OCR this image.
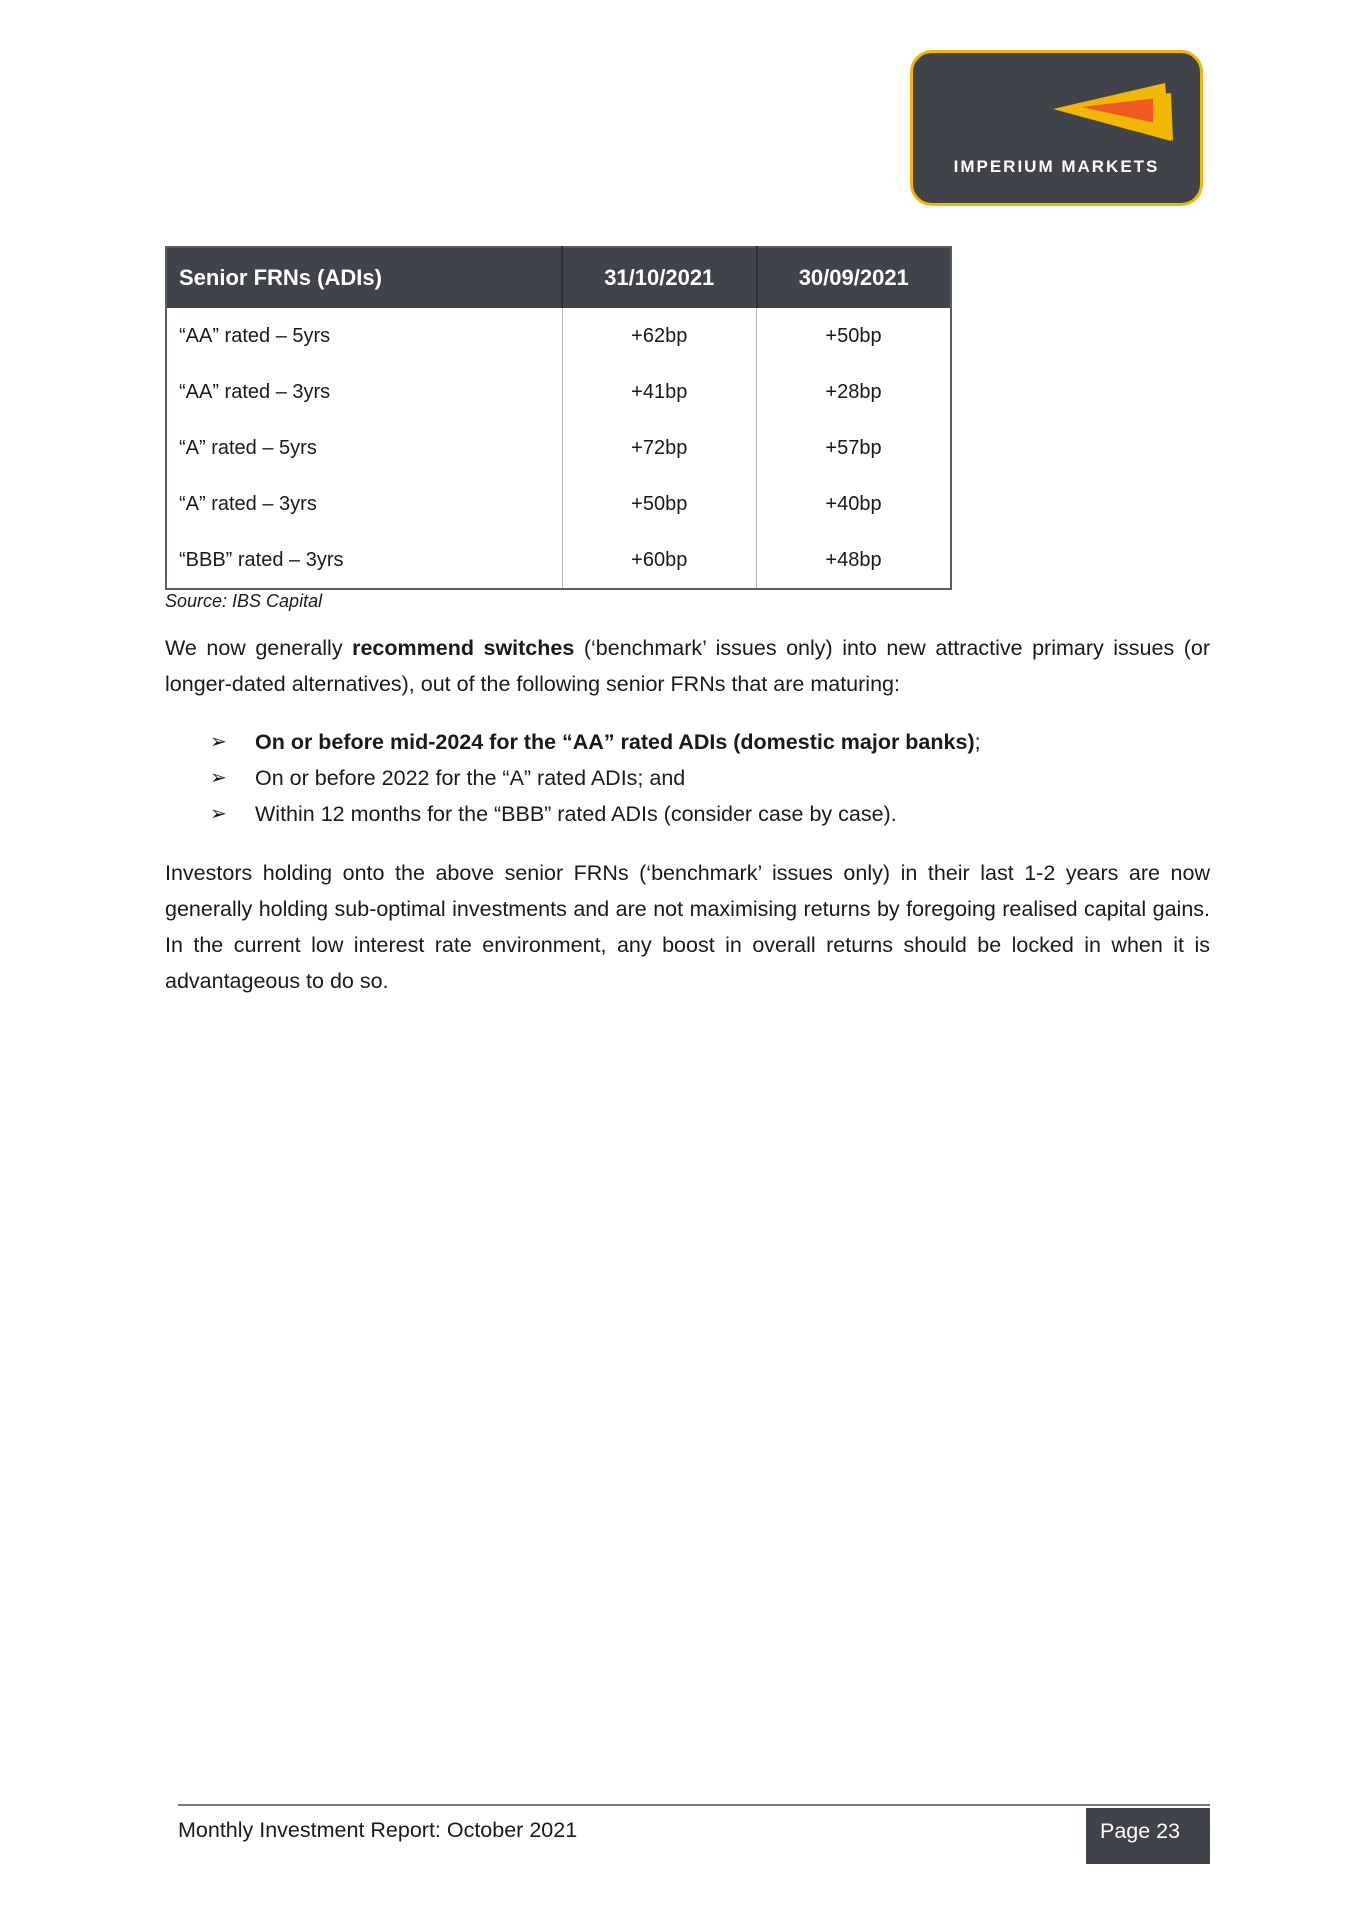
IMPERIUM MARKETS
Senior FRNs (ADIs)	31/10/2021	30/09/2021
“AA” rated – 5yrs	+62bp	+50bp
“AA” rated – 3yrs	+41bp	+28bp
“A” rated – 5yrs	+72bp	+57bp
“A” rated – 3yrs	+50bp	+40bp
“BBB” rated – 3yrs	+60bp	+48bp
Source: IBS Capital

We now generally recommend switches (‘benchmark’ issues only) into new attractive primary issues (or longer-dated alternatives), out of the following senior FRNs that are maturing:

➢ On or before mid-2024 for the “AA” rated ADIs (domestic major banks);
➢ On or before 2022 for the “A” rated ADIs; and
➢ Within 12 months for the “BBB” rated ADIs (consider case by case).

Investors holding onto the above senior FRNs (‘benchmark’ issues only) in their last 1-2 years are now generally holding sub-optimal investments and are not maximising returns by foregoing realised capital gains. In the current low interest rate environment, any boost in overall returns should be locked in when it is advantageous to do so.

Monthly Investment Report: October 2021	Page 23
